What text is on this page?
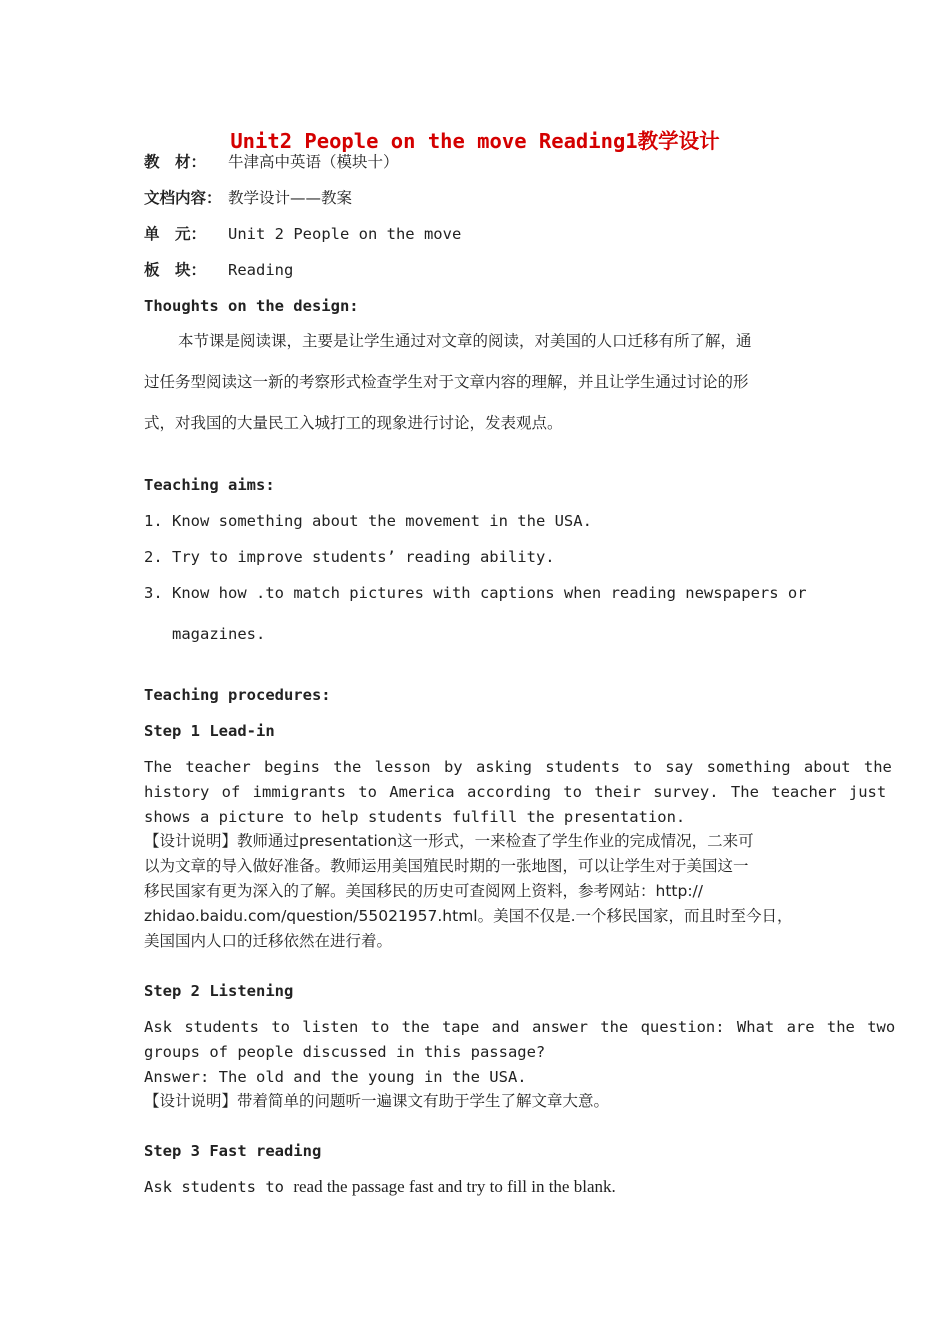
Unit2 People on the move Reading1教学设计
教　材： 牛津高中英语（模块十）
文档内容： 教学设计——教案
单　元： Unit 2 People on the move
板　块： Reading
Thoughts on the design:
本节课是阅读课，主要是让学生通过对文章的阅读，对美国的人口迁移有所了解，通
过任务型阅读这一新的考察形式检查学生对于文章内容的理解，并且让学生通过讨论的形
式，对我国的大量民工入城打工的现象进行讨论，发表观点。
Teaching aims:
1. Know something about the movement in the USA.
2. Try to improve students’ reading ability.
3. Know how .to match pictures with captions when reading newspapers or
magazines.
Teaching procedures:
Step 1 Lead-in
The teacher begins the lesson by asking students to say something about the
history of immigrants to America according to their survey. The teacher just
shows a picture to help students fulfill the presentation.
【设计说明】教师通过presentation这一形式，一来检查了学生作业的完成情况，二来可
以为文章的导入做好准备。教师运用美国殖民时期的一张地图，可以让学生对于美国这一
移民国家有更为深入的了解。美国移民的历史可查阅网上资料，参考网站：http://
zhidao.baidu.com/question/55021957.html。美国不仅是.一个移民国家，而且时至今日，
美国国内人口的迁移依然在进行着。
Step 2 Listening
Ask students to listen to the tape and answer the question: What are the two
groups of people discussed in this passage?
Answer: The old and the young in the USA.
【设计说明】带着简单的问题听一遍课文有助于学生了解文章大意。
Step 3 Fast reading
Ask students to read the passage fast and try to fill in the blank.
